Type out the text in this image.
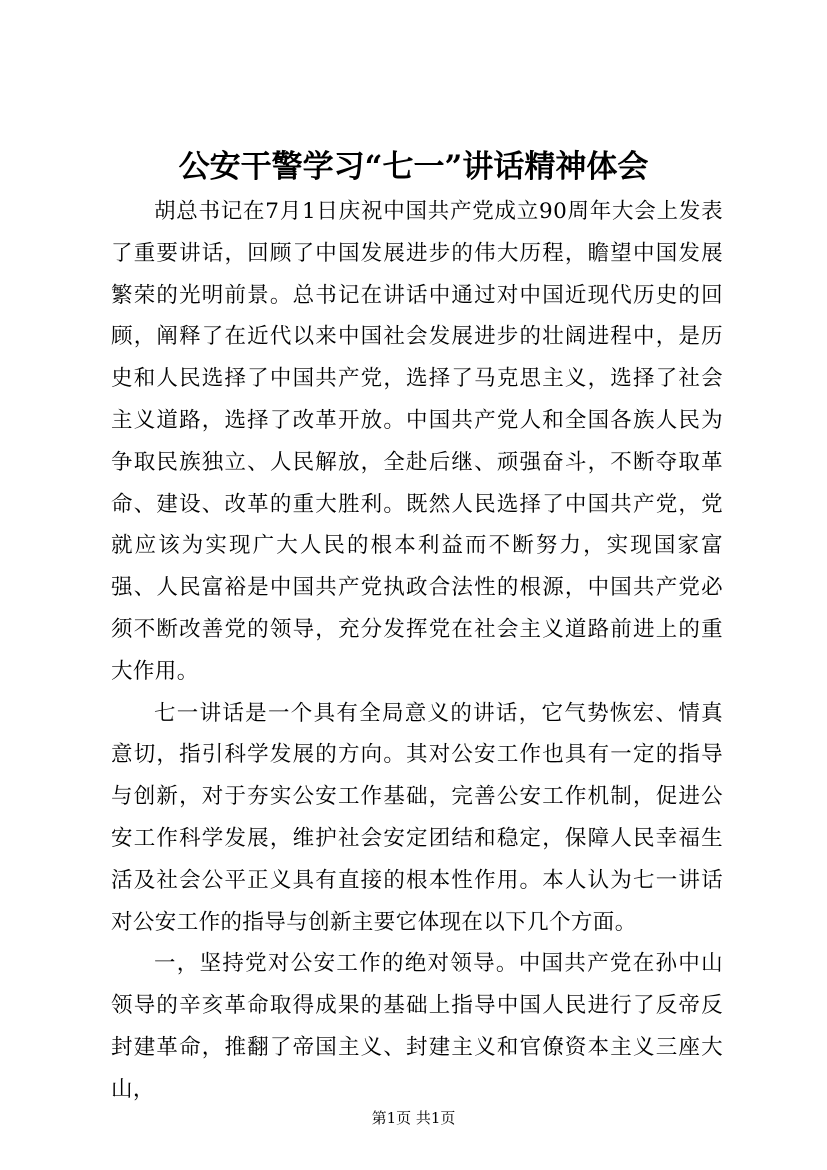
公安干警学习“七一”讲话精神体会

胡总书记在7月1日庆祝中国共产党成立90周年大会上发表了重要讲话，回顾了中国发展进步的伟大历程，瞻望中国发展繁荣的光明前景。总书记在讲话中通过对中国近现代历史的回顾，阐释了在近代以来中国社会发展进步的壮阔进程中，是历史和人民选择了中国共产党，选择了马克思主义，选择了社会主义道路，选择了改革开放。中国共产党人和全国各族人民为争取民族独立、人民解放，全赴后继、顽强奋斗，不断夺取革命、建设、改革的重大胜利。既然人民选择了中国共产党，党就应该为实现广大人民的根本利益而不断努力，实现国家富强、人民富裕是中国共产党执政合法性的根源，中国共产党必须不断改善党的领导，充分发挥党在社会主义道路前进上的重大作用。

七一讲话是一个具有全局意义的讲话，它气势恢宏、情真意切，指引科学发展的方向。其对公安工作也具有一定的指导与创新，对于夯实公安工作基础，完善公安工作机制，促进公安工作科学发展，维护社会安定团结和稳定，保障人民幸福生活及社会公平正义具有直接的根本性作用。本人认为七一讲话对公安工作的指导与创新主要它体现在以下几个方面。

一，坚持党对公安工作的绝对领导。中国共产党在孙中山领导的辛亥革命取得成果的基础上指导中国人民进行了反帝反封建革命，推翻了帝国主义、封建主义和官僚资本主义三座大山，

第1页 共1页
